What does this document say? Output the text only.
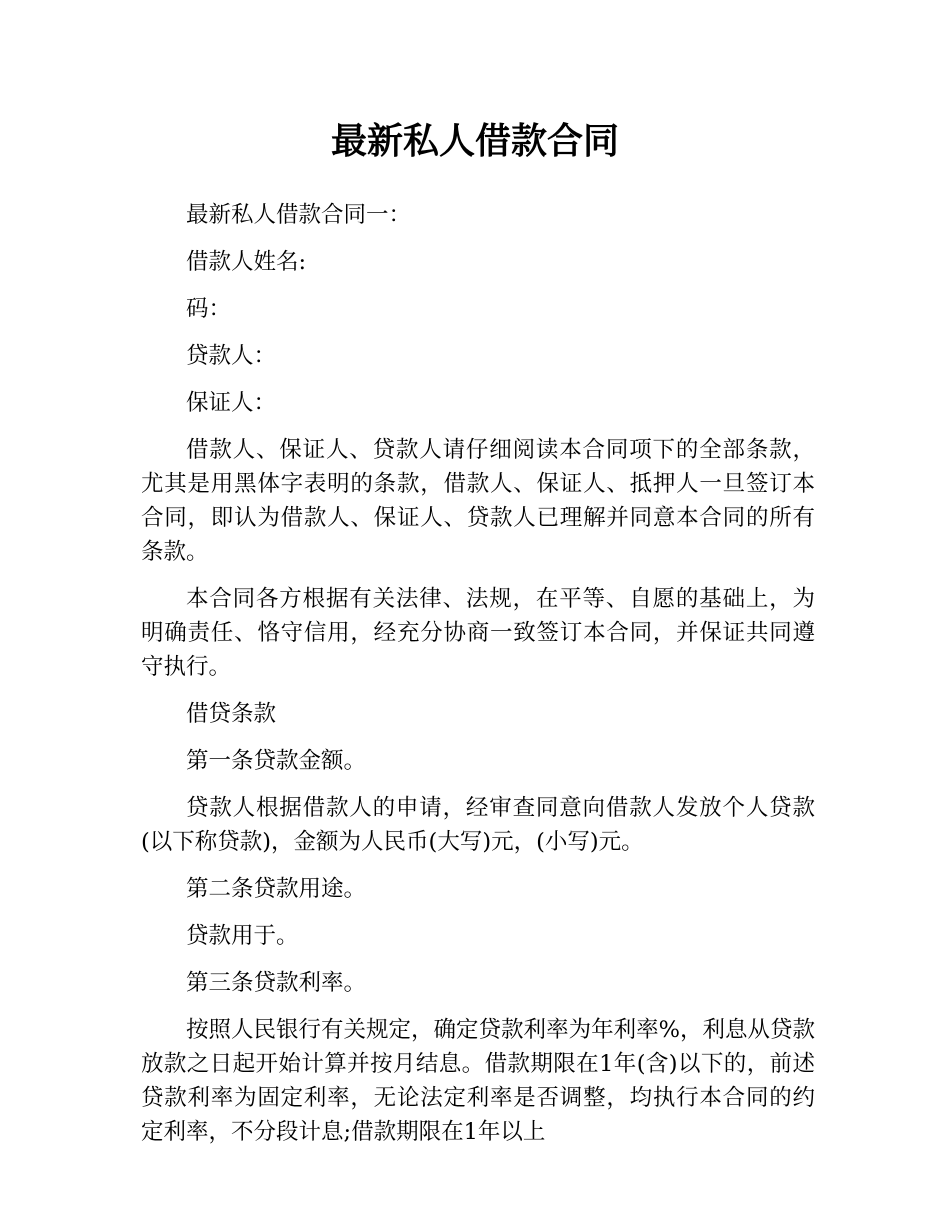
最新私人借款合同

最新私人借款合同一：

借款人姓名:

码：

贷款人：

保证人：

借款人、保证人、贷款人请仔细阅读本合同项下的全部条款，尤其是用黑体字表明的条款，借款人、保证人、抵押人一旦签订本合同，即认为借款人、保证人、贷款人已理解并同意本合同的所有条款。

本合同各方根据有关法律、法规，在平等、自愿的基础上，为明确责任、恪守信用，经充分协商一致签订本合同，并保证共同遵守执行。

借贷条款

第一条贷款金额。

贷款人根据借款人的申请，经审查同意向借款人发放个人贷款(以下称贷款)，金额为人民币(大写)元，(小写)元。

第二条贷款用途。

贷款用于。

第三条贷款利率。

按照人民银行有关规定，确定贷款利率为年利率%，利息从贷款放款之日起开始计算并按月结息。借款期限在1年(含)以下的，前述贷款利率为固定利率，无论法定利率是否调整，均执行本合同的约定利率，不分段计息;借款期限在1年以上
